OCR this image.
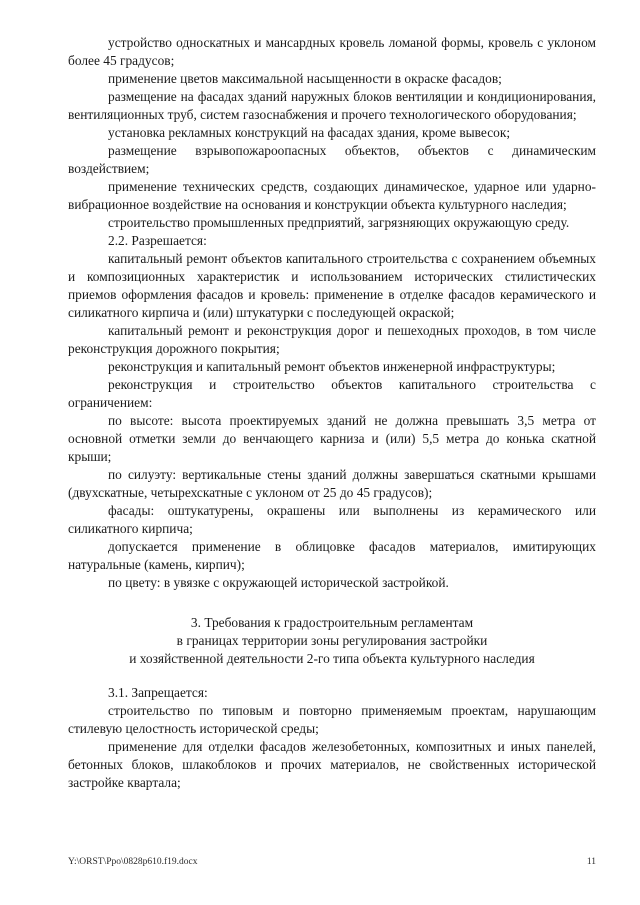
устройство односкатных и мансардных кровель ломаной формы, кровель с уклоном более 45 градусов;

применение цветов максимальной насыщенности в окраске фасадов;

размещение на фасадах зданий наружных блоков вентиляции и кондиционирования, вентиляционных труб, систем газоснабжения и прочего технологического оборудования;

установка рекламных конструкций на фасадах здания, кроме вывесок;

размещение взрывопожароопасных объектов, объектов с динамическим воздействием;

применение технических средств, создающих динамическое, ударное или ударно-вибрационное воздействие на основания и конструкции объекта культурного наследия;

строительство промышленных предприятий, загрязняющих окружающую среду.

2.2. Разрешается:

капитальный ремонт объектов капитального строительства с сохранением объемных и композиционных характеристик и использованием исторических стилистических приемов оформления фасадов и кровель: применение в отделке фасадов керамического и силикатного кирпича и (или) штукатурки с последующей окраской;

капитальный ремонт и реконструкция дорог и пешеходных проходов, в том числе реконструкция дорожного покрытия;

реконструкция и капитальный ремонт объектов инженерной инфраструктуры;

реконструкция и строительство объектов капитального строительства с ограничением:

по высоте: высота проектируемых зданий не должна превышать 3,5 метра от основной отметки земли до венчающего карниза и (или) 5,5 метра до конька скатной крыши;

по силуэту: вертикальные стены зданий должны завершаться скатными крышами (двухскатные, четырехскатные с уклоном от 25 до 45 градусов);

фасады: оштукатурены, окрашены или выполнены из керамического или силикатного кирпича;

допускается применение в облицовке фасадов материалов, имитирующих натуральные (камень, кирпич);

по цвету: в увязке с окружающей исторической застройкой.

3. Требования к градостроительным регламентам
в границах территории зоны регулирования застройки
и хозяйственной деятельности 2-го типа объекта культурного наследия

3.1. Запрещается:

строительство по типовым и повторно применяемым проектам, нарушающим стилевую целостность исторической среды;

применение для отделки фасадов железобетонных, композитных и иных панелей, бетонных блоков, шлакоблоков и прочих материалов, не свойственных исторической застройке квартала;

Y:\ORST\Ppo\0828p610.f19.docx	11
